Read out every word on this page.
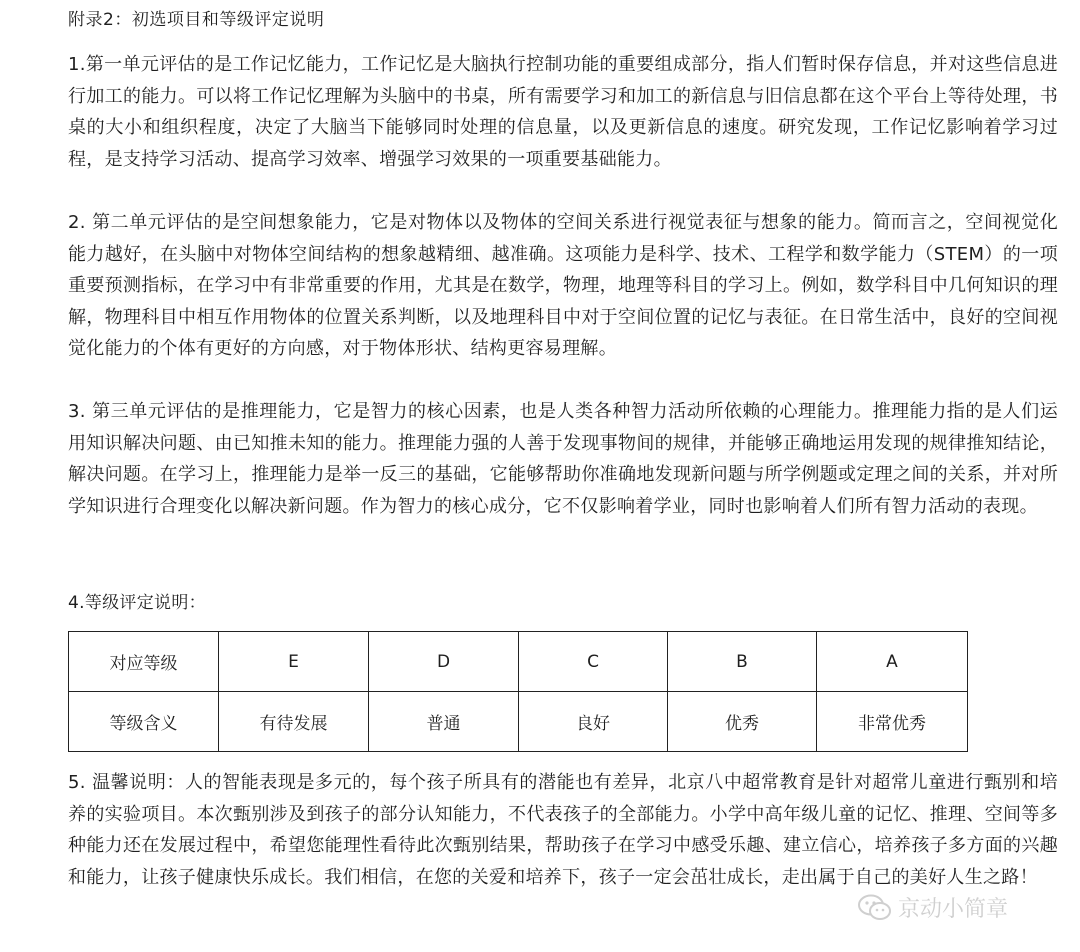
附录2：初选项目和等级评定说明

1.第一单元评估的是工作记忆能力，工作记忆是大脑执行控制功能的重要组成部分，指人们暂时保存信息，并对这些信息进行加工的能力。可以将工作记忆理解为头脑中的书桌，所有需要学习和加工的新信息与旧信息都在这个平台上等待处理，书桌的大小和组织程度，决定了大脑当下能够同时处理的信息量，以及更新信息的速度。研究发现，工作记忆影响着学习过程，是支持学习活动、提高学习效率、增强学习效果的一项重要基础能力。

2. 第二单元评估的是空间想象能力，它是对物体以及物体的空间关系进行视觉表征与想象的能力。简而言之，空间视觉化能力越好，在头脑中对物体空间结构的想象越精细、越准确。这项能力是科学、技术、工程学和数学能力（STEM）的一项重要预测指标，在学习中有非常重要的作用，尤其是在数学，物理，地理等科目的学习上。例如，数学科目中几何知识的理解，物理科目中相互作用物体的位置关系判断，以及地理科目中对于空间位置的记忆与表征。在日常生活中，良好的空间视觉化能力的个体有更好的方向感，对于物体形状、结构更容易理解。

3. 第三单元评估的是推理能力，它是智力的核心因素，也是人类各种智力活动所依赖的心理能力。推理能力指的是人们运用知识解决问题、由已知推未知的能力。推理能力强的人善于发现事物间的规律，并能够正确地运用发现的规律推知结论，解决问题。在学习上，推理能力是举一反三的基础，它能够帮助你准确地发现新问题与所学例题或定理之间的关系，并对所学知识进行合理变化以解决新问题。作为智力的核心成分，它不仅影响着学业，同时也影响着人们所有智力活动的表现。

4.等级评定说明：
对应等级	E	D	C	B	A
等级含义	有待发展	普通	良好	优秀	非常优秀

5. 温馨说明：人的智能表现是多元的，每个孩子所具有的潜能也有差异，北京八中超常教育是针对超常儿童进行甄别和培养的实验项目。本次甄别涉及到孩子的部分认知能力，不代表孩子的全部能力。小学中高年级儿童的记忆、推理、空间等多种能力还在发展过程中，希望您能理性看待此次甄别结果，帮助孩子在学习中感受乐趣、建立信心，培养孩子多方面的兴趣和能力，让孩子健康快乐成长。我们相信，在您的关爱和培养下，孩子一定会茁壮成长，走出属于自己的美好人生之路！

京动小简章
